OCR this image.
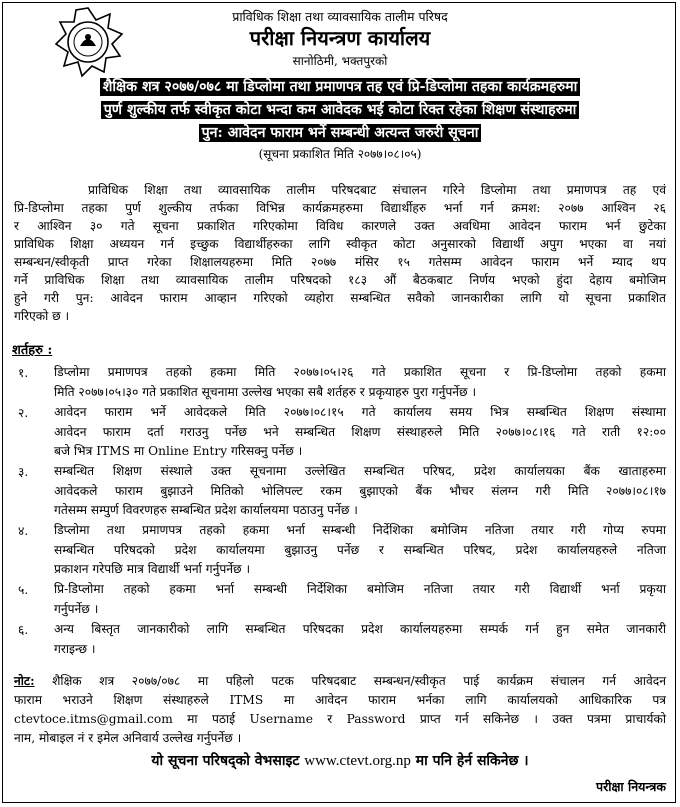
प्राविधिक शिक्षा तथा व्यावसायिक तालीम परिषद
परीक्षा नियन्त्रण कार्यालय
सानोठिमी, भक्तपुरको
शैक्षिक शत्र २०७७/०७८ मा डिप्लोमा तथा प्रमाणपत्र तह एवं प्रि-डिप्लोमा तहका कार्यक्रमहरुमा
पुर्ण शुल्कीय तर्फ स्वीकृत कोटा भन्दा कम आवेदक भई कोटा रिक्त रहेका शिक्षण संस्थाहरुमा
पुन: आवेदन फाराम भर्ने सम्बन्धी अत्यन्त जरुरी सूचना
(सूचना प्रकाशित मिति २०७७।०८।०५)
प्राविधिक शिक्षा तथा व्यावसायिक तालीम परिषदबाट संचालन गरिने डिप्लोमा तथा प्रमाणपत्र तह एवं
प्रि-डिप्लोमा तहका पुर्ण शुल्कीय तर्फका विभिन्न कार्यक्रमहरुमा विद्यार्थीहरु भर्ना गर्न क्रमश: २०७७ आश्विन २६
र आश्विन ३० गते सूचना प्रकाशित गरिएकोमा विविध कारणले उक्त अवधिमा आवेदन फाराम भर्न छुटेका
प्राविधिक शिक्षा अध्ययन गर्न इच्छुक विद्यार्थीहरुका लागि स्वीकृत कोटा अनुसारको विद्यार्थी अपुग भएका वा नयां
सम्बन्धन/स्वीकृती प्राप्त गरेका शिक्षालयहरुमा मिति २०७७ मंसिर १५ गतेसम्म आवेदन फाराम भर्ने म्याद थप
गर्ने प्राविधिक शिक्षा तथा व्यावसायिक तालीम परिषदको १८३ औं बैठकबाट निर्णय भएको हुंदा देहाय बमोजिम
हुने गरी पुन: आवेदन फाराम आव्हान गरिएको व्यहोरा सम्बन्धित सवैको जानकारीका लागि यो सूचना प्रकाशित
गरिएको छ ।
शर्तहरु :
१. डिप्लोमा प्रमाणपत्र तहको हकमा मिति २०७७।०५।२६ गते प्रकाशित सूचना र प्रि-डिप्लोमा तहको हकमा
मिति २०७७।०५।३० गते प्रकाशित सूचनामा उल्लेख भएका सबै शर्तहरु र प्रकृयाहरु पुरा गर्नुपर्नेछ ।
२. आवेदन फाराम भर्ने आवेदकले मिति २०७७।०८।१५ गते कार्यालय समय भित्र सम्बन्धित शिक्षण संस्थामा
आवेदन फाराम दर्ता गराउनु पर्नेछ भने सम्बन्धित शिक्षण संस्थाहरुले मिति २०७७।०८।१६ गते राती १२:००
बजे भित्र ITMS मा Online Entry गरिसक्नु पर्नेछ ।
३. सम्बन्धित शिक्षण संस्थाले उक्त सूचनामा उल्लेखित सम्बन्धित परिषद, प्रदेश कार्यालयका बैंक खाताहरुमा
आवेदकले फाराम बुझाउने मितिको भोलिपल्ट रकम बुझाएको बैंक भौचर संलग्न गरी मिति २०७७।०८।१७
गतेसम्म सम्पुर्ण विवरणहरु सम्बन्धित प्रदेश कार्यालयमा पठाउनु पर्नेछ ।
४. डिप्लोमा तथा प्रमाणपत्र तहको हकमा भर्ना सम्बन्धी निर्देशिका बमोजिम नतिजा तयार गरी गोप्य रुपमा
सम्बन्धित परिषदको प्रदेश कार्यालयमा बुझाउनु पर्नेछ र सम्बन्धित परिषद, प्रदेश कार्यालयहरुले नतिजा
प्रकाशन गरेपछि मात्र विद्यार्थी भर्ना गर्नुपर्नेछ ।
५. प्रि-डिप्लोमा तहको हकमा भर्ना सम्बन्धी निर्देशिका बमोजिम नतिजा तयार गरी विद्यार्थी भर्ना प्रकृया
गर्नुपर्नेछ ।
६. अन्य बिस्तृत जानकारीको लागि सम्बन्धित परिषदका प्रदेश कार्यालयहरुमा सम्पर्क गर्न हुन समेत जानकारी
गराइन्छ ।
नोट: शैक्षिक शत्र २०७७/०७८ मा पहिलो पटक परिषदबाट सम्बन्धन/स्वीकृत पाई कार्यक्रम संचालन गर्न आवेदन
फाराम भराउने शिक्षण संस्थाहरुले ITMS मा आवेदन फाराम भर्नका लागि कार्यालयको आधिकारिक पत्र
ctevtoce.itms@gmail.com मा पठाई Username र Password प्राप्त गर्न सकिनेछ । उक्त पत्रमा प्राचार्यको
नाम, मोबाइल नं र इमेल अनिवार्य उल्लेख गर्नुपर्नेछ ।
यो सूचना परिषद्को वेभसाइट www.ctevt.org.np मा पनि हेर्न सकिनेछ ।
परीक्षा नियन्त्रक
